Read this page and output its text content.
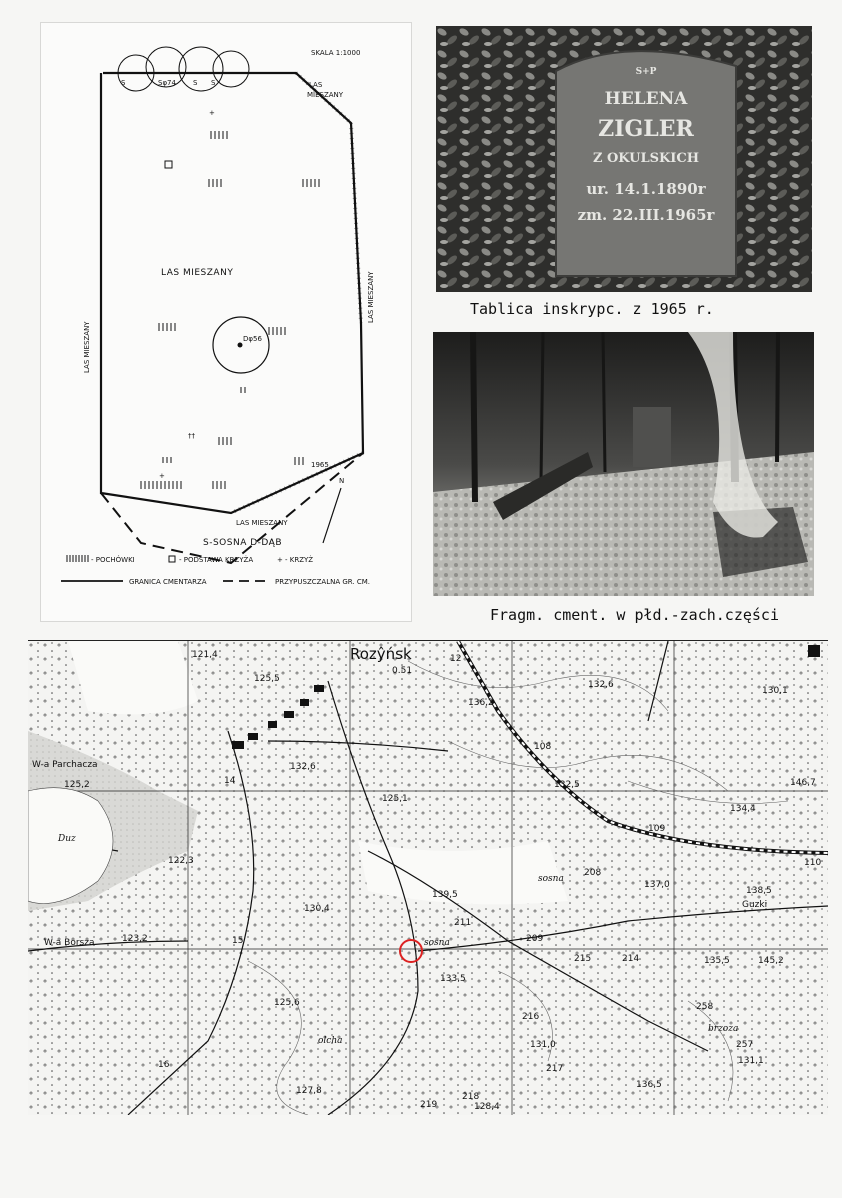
S	Sφ74 S S
SKALA 1:1000
LAS
MIESZANY
LAS MIESZANY
LAS MIESZANY
LAS MIESZANY
LAS MIESZANY
+
††
+
Dφ56
1965
N
S-SOSNA D-DĄB
- POCHÓWKI	- PODSTAWA KRZYŻA	+ - KRZYŻ
GRANICA CMENTARZA	PRZYPUSZCZALNA GR. CM.
S+P
HELENA
ZIGLER
Z OKULSKICH
ur. 14.1.1890r
zm. 22.III.1965r
Tablica inskrypc. z 1965 r.
Fragm. cment. w płd.-zach.części
Rozŷńsk
W-a Parchacza
W-a Borsza
Guzki
Duz
121,4
125,5
0.51
136,2
132,6
130,1
132,6
125,2	146,7
125,1
132,5
134,4
122,3
139,5
137,0
138,5
130,4
123,2
133,5
135,5	145,2
125,6
131,0
131,1
127,8
136,5
128,4
12
108
109
110
208
211
209
215	214
216
217
218
219
258
257
14
15
16
sosna
sosna
olcha
brzoza
